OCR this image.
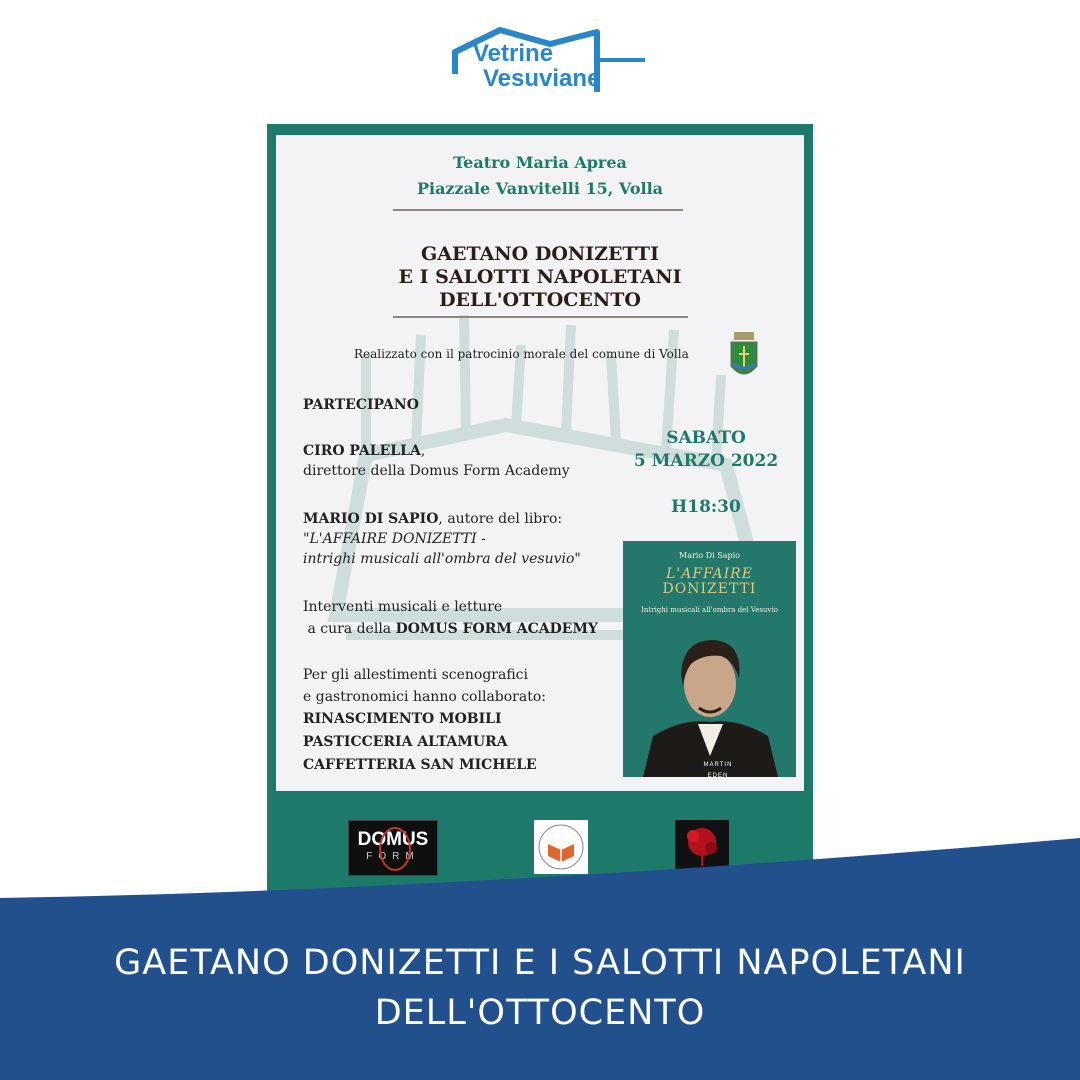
Vetrine
Vesuviane
Teatro Maria Aprea
Piazzale Vanvitelli 15, Volla
GAETANO DONIZETTI
E I SALOTTI NAPOLETANI
DELL'OTTOCENTO
Realizzato con il patrocinio morale del comune di Volla
PARTECIPANO
CIRO PALELLA,
direttore della Domus Form Academy
MARIO DI SAPIO, autore del libro:
"L'AFFAIRE DONIZETTI -
intrighi musicali all'ombra del vesuvio"
Interventi musicali e letture
a cura della DOMUS FORM ACADEMY
Per gli allestimenti scenografici
e gastronomici hanno collaborato:
RINASCIMENTO MOBILI
PASTICCERIA ALTAMURA
CAFFETTERIA SAN MICHELE
SABATO
5 MARZO 2022
H18:30
Mario Di Sapio
L'AFFAIRE
DONIZETTI
Intrighi musicali all'ombra del Vesuvio
MARTIN EDEN
DOMUS
FORM
GAETANO DONIZETTI E I SALOTTI NAPOLETANI
DELL'OTTOCENTO
